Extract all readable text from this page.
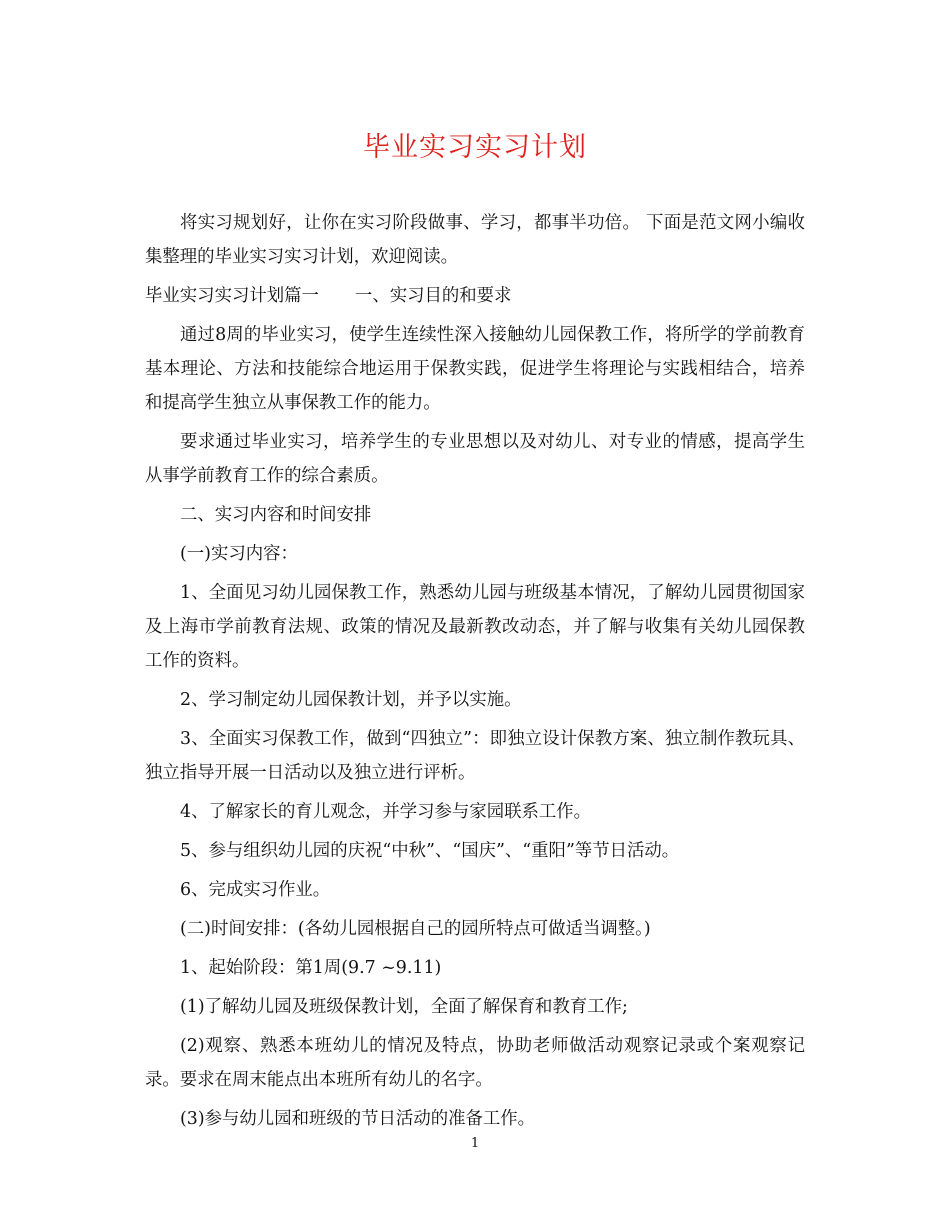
毕业实习实习计划

将实习规划好，让你在实习阶段做事、学习，都事半功倍。 下面是范文网小编收集整理的毕业实习实习计划，欢迎阅读。

毕业实习实习计划篇一 一、实习目的和要求

通过8周的毕业实习，使学生连续性深入接触幼儿园保教工作，将所学的学前教育基本理论、方法和技能综合地运用于保教实践，促进学生将理论与实践相结合，培养和提高学生独立从事保教工作的能力。

要求通过毕业实习，培养学生的专业思想以及对幼儿、对专业的情感，提高学生从事学前教育工作的综合素质。

二、实习内容和时间安排

(一)实习内容：

1、全面见习幼儿园保教工作，熟悉幼儿园与班级基本情况，了解幼儿园贯彻国家及上海市学前教育法规、政策的情况及最新教改动态，并了解与收集有关幼儿园保教工作的资料。

2、学习制定幼儿园保教计划，并予以实施。

3、全面实习保教工作，做到“四独立”：即独立设计保教方案、独立制作教玩具、独立指导开展一日活动以及独立进行评析。

4、了解家长的育儿观念，并学习参与家园联系工作。

5、参与组织幼儿园的庆祝“中秋”、“国庆”、“重阳”等节日活动。

6、完成实习作业。

(二)时间安排：(各幼儿园根据自己的园所特点可做适当调整。)

1、起始阶段：第1周(9.7 ~9.11)

(1)了解幼儿园及班级保教计划，全面了解保育和教育工作;

(2)观察、熟悉本班幼儿的情况及特点，协助老师做活动观察记录或个案观察记录。要求在周末能点出本班所有幼儿的名字。

(3)参与幼儿园和班级的节日活动的准备工作。

1
